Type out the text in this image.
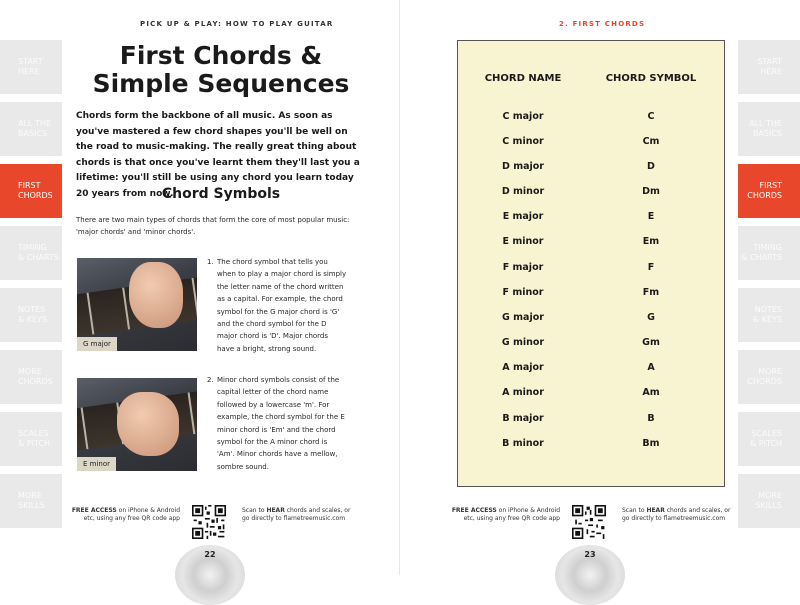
PICK UP & PLAY: HOW TO PLAY GUITAR
START
HERE
ALL THE
BASICS
FIRST
CHORDS
TIMING
& CHARTS
NOTES
& KEYS
MORE
CHORDS
SCALES
& PITCH
MORE
SKILLS
First Chords &
Simple Sequences

Chords form the backbone of all music. As soon as you've mastered a few chord shapes you'll be well on the road to music-making. The really great thing about chords is that once you've learnt them they'll last you a lifetime: you'll still be using any chord you learn today 20 years from now.

Chord Symbols

There are two main types of chords that form the core of most popular music: 'major chords' and 'minor chords'.

G major
E minor
1. The chord symbol that tells you when to play a major chord is simply the letter name of the chord written as a capital. For example, the chord symbol for the G major chord is 'G' and the chord symbol for the D major chord is 'D'. Major chords have a bright, strong sound.

2. Minor chord symbols consist of the capital letter of the chord name followed by a lowercase 'm'. For example, the chord symbol for the E minor chord is 'Em' and the chord symbol for the A minor chord is 'Am'. Minor chords have a mellow, sombre sound.

FREE ACCESS on iPhone & Android
etc, using any free QR code app
Scan to HEAR chords and scales, or
go directly to flametreemusic.com
22
2. FIRST CHORDS
CHORD NAME	CHORD SYMBOL
C major	C
C minor	Cm
D major	D
D minor	Dm
E major	E
E minor	Em
F major	F
F minor	Fm
G major	G
G minor	Gm
A major	A
A minor	Am
B major	B
B minor	Bm
START
HERE
ALL THE
BASICS
FIRST
CHORDS
TIMING
& CHARTS
NOTES
& KEYS
MORE
CHORDS
SCALES
& PITCH
MORE
SKILLS
FREE ACCESS on iPhone & Android
etc, using any free QR code app
Scan to HEAR chords and scales, or
go directly to flametreemusic.com
23
